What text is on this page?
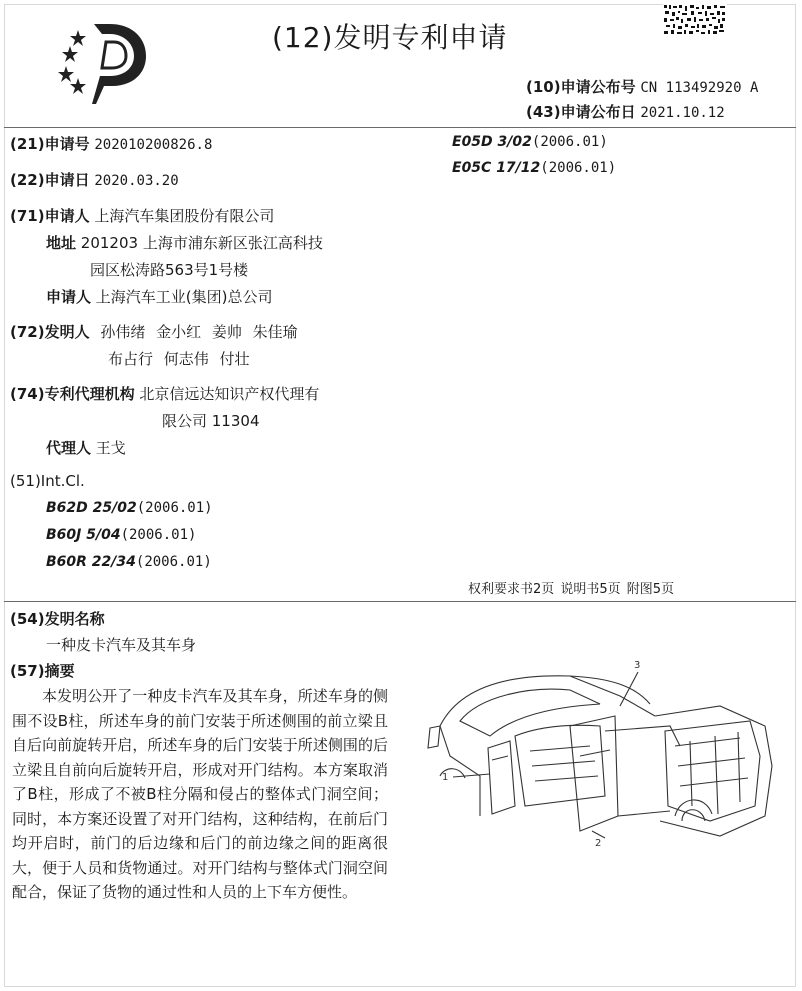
(12)发明专利申请
(10)申请公布号 CN 113492920 A
(43)申请公布日 2021.10.12
(21)申请号 202010200826.8
(22)申请日 2020.03.20
(71)申请人 上海汽车集团股份有限公司
地址 201203 上海市浦东新区张江高科技
园区松涛路563号1号楼
申请人 上海汽车工业(集团)总公司
(72)发明人 孙伟绪 金小红 姜帅 朱佳瑜
布占行 何志伟 付壮
(74)专利代理机构 北京信远达知识产权代理有
限公司 11304
代理人 王戈
(51)Int.Cl.
B62D 25/02(2006.01)
B60J 5/04(2006.01)
B60R 22/34(2006.01)
E05D 3/02(2006.01)
E05C 17/12(2006.01)
权利要求书2页 说明书5页 附图5页
(54)发明名称
一种皮卡汽车及其车身
(57)摘要
本发明公开了一种皮卡汽车及其车身，所述车身的侧围不设B柱，所述车身的前门安装于所述侧围的前立梁且自后向前旋转开启，所述车身的后门安装于所述侧围的后立梁且自前向后旋转开启，形成对开门结构。本方案取消了B柱，形成了不被B柱分隔和侵占的整体式门洞空间；同时，本方案还设置了对开门结构，这种结构，在前后门均开启时，前门的后边缘和后门的前边缘之间的距离很大，便于人员和货物通过。对开门结构与整体式门洞空间配合，保证了货物的通过性和人员的上下车方便性。
1
2
3
